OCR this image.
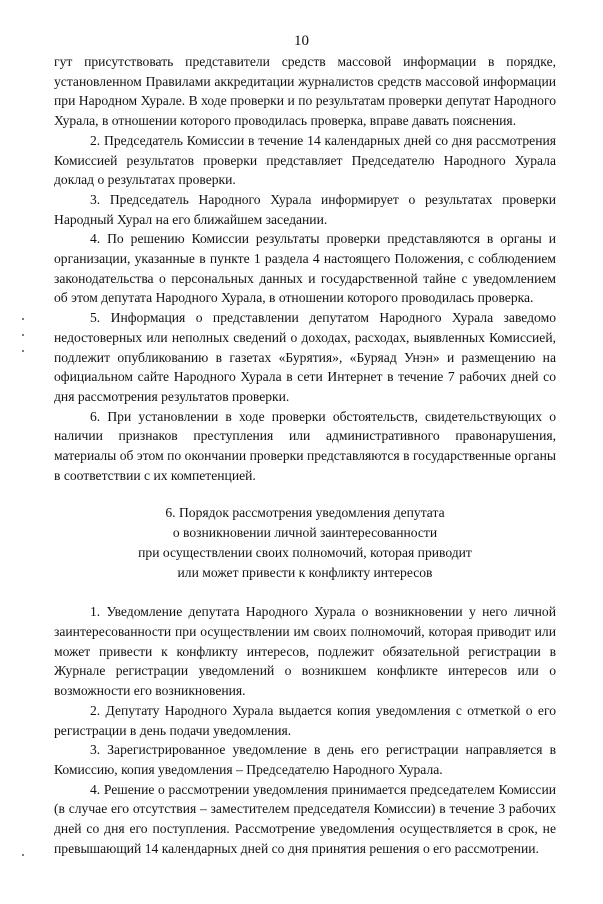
10

гут присутствовать представители средств массовой информации в порядке, установленном Правилами аккредитации журналистов средств массовой информации при Народном Хурале. В ходе проверки и по результатам проверки депутат Народного Хурала, в отношении которого проводилась проверка, вправе давать пояснения.

2. Председатель Комиссии в течение 14 календарных дней со дня рассмотрения Комиссией результатов проверки представляет Председателю Народного Хурала доклад о результатах проверки.

3. Председатель Народного Хурала информирует о результатах проверки Народный Хурал на его ближайшем заседании.

4. По решению Комиссии результаты проверки представляются в органы и организации, указанные в пункте 1 раздела 4 настоящего Положения, с соблюдением законодательства о персональных данных и государственной тайне с уведомлением об этом депутата Народного Хурала, в отношении которого проводилась проверка.

5. Информация о представлении депутатом Народного Хурала заведомо недостоверных или неполных сведений о доходах, расходах, выявленных Комиссией, подлежит опубликованию в газетах «Бурятия», «Буряад Унэн» и размещению на официальном сайте Народного Хурала в сети Интернет в течение 7 рабочих дней со дня рассмотрения результатов проверки.

6. При установлении в ходе проверки обстоятельств, свидетельствующих о наличии признаков преступления или административного правонарушения, материалы об этом по окончании проверки представляются в государственные органы в соответствии с их компетенцией.

6. Порядок рассмотрения уведомления депутата
о возникновении личной заинтересованности
при осуществлении своих полномочий, которая приводит
или может привести к конфликту интересов

1. Уведомление депутата Народного Хурала о возникновении у него личной заинтересованности при осуществлении им своих полномочий, которая приводит или может привести к конфликту интересов, подлежит обязательной регистрации в Журнале регистрации уведомлений о возникшем конфликте интересов или о возможности его возникновения.

2. Депутату Народного Хурала выдается копия уведомления с отметкой о его регистрации в день подачи уведомления.

3. Зарегистрированное уведомление в день его регистрации направляется в Комиссию, копия уведомления – Председателю Народного Хурала.

4. Решение о рассмотрении уведомления принимается председателем Комиссии (в случае его отсутствия – заместителем председателя Комиссии) в течение 3 рабочих дней со дня его поступления. Рассмотрение уведомления осуществляется в срок, не превышающий 14 календарных дней со дня принятия решения о его рассмотрении.
